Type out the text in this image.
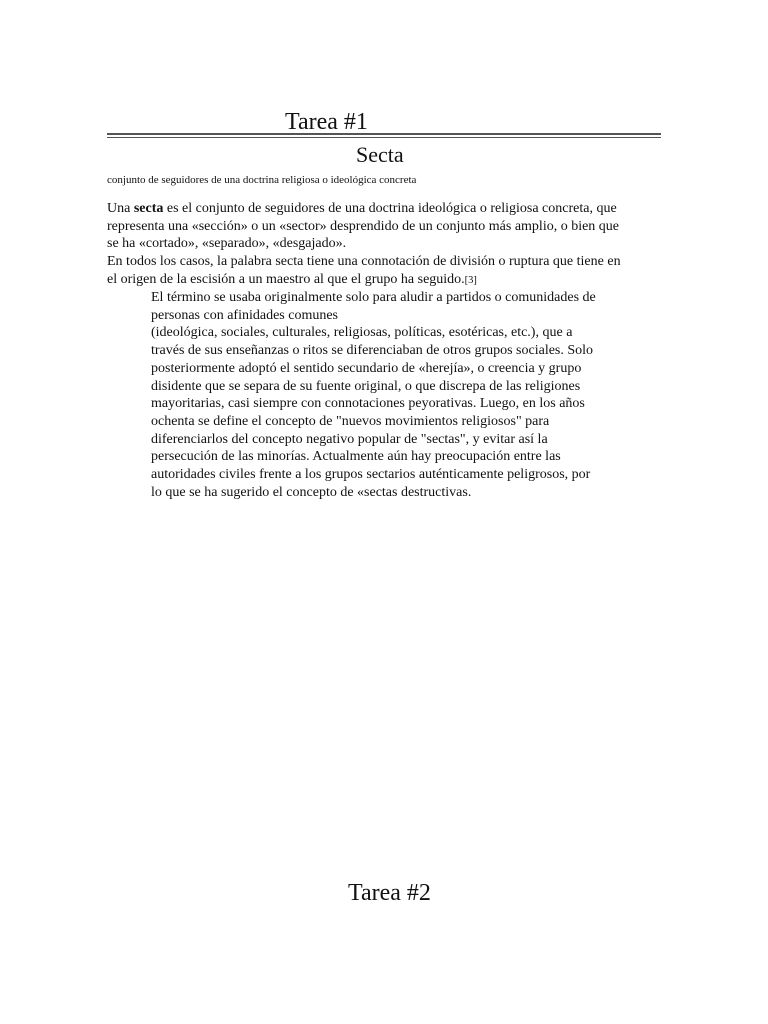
Tarea #1
Secta
conjunto de seguidores de una doctrina religiosa o ideológica concreta
Una secta es el conjunto de seguidores de una doctrina ideológica o religiosa concreta, que
representa una «sección» o un «sector» desprendido de un conjunto más amplio, o bien que
se ha «cortado», «separado», «desgajado».
En todos los casos, la palabra secta tiene una connotación de división o ruptura que tiene en
el origen de la escisión a un maestro al que el grupo ha seguido.[3]
El término se usaba originalmente solo para aludir a partidos o comunidades de
personas con afinidades comunes
(ideológica, sociales, culturales, religiosas, políticas, esotéricas, etc.), que a
través de sus enseñanzas o ritos se diferenciaban de otros grupos sociales. Solo
posteriormente adoptó el sentido secundario de «herejía», o creencia y grupo
disidente que se separa de su fuente original, o que discrepa de las religiones
mayoritarias, casi siempre con connotaciones peyorativas. Luego, en los años
ochenta se define el concepto de "nuevos movimientos religiosos" para
diferenciarlos del concepto negativo popular de "sectas", y evitar así la
persecución de las minorías. Actualmente aún hay preocupación entre las
autoridades civiles frente a los grupos sectarios auténticamente peligrosos, por
lo que se ha sugerido el concepto de «sectas destructivas.
Tarea #2
